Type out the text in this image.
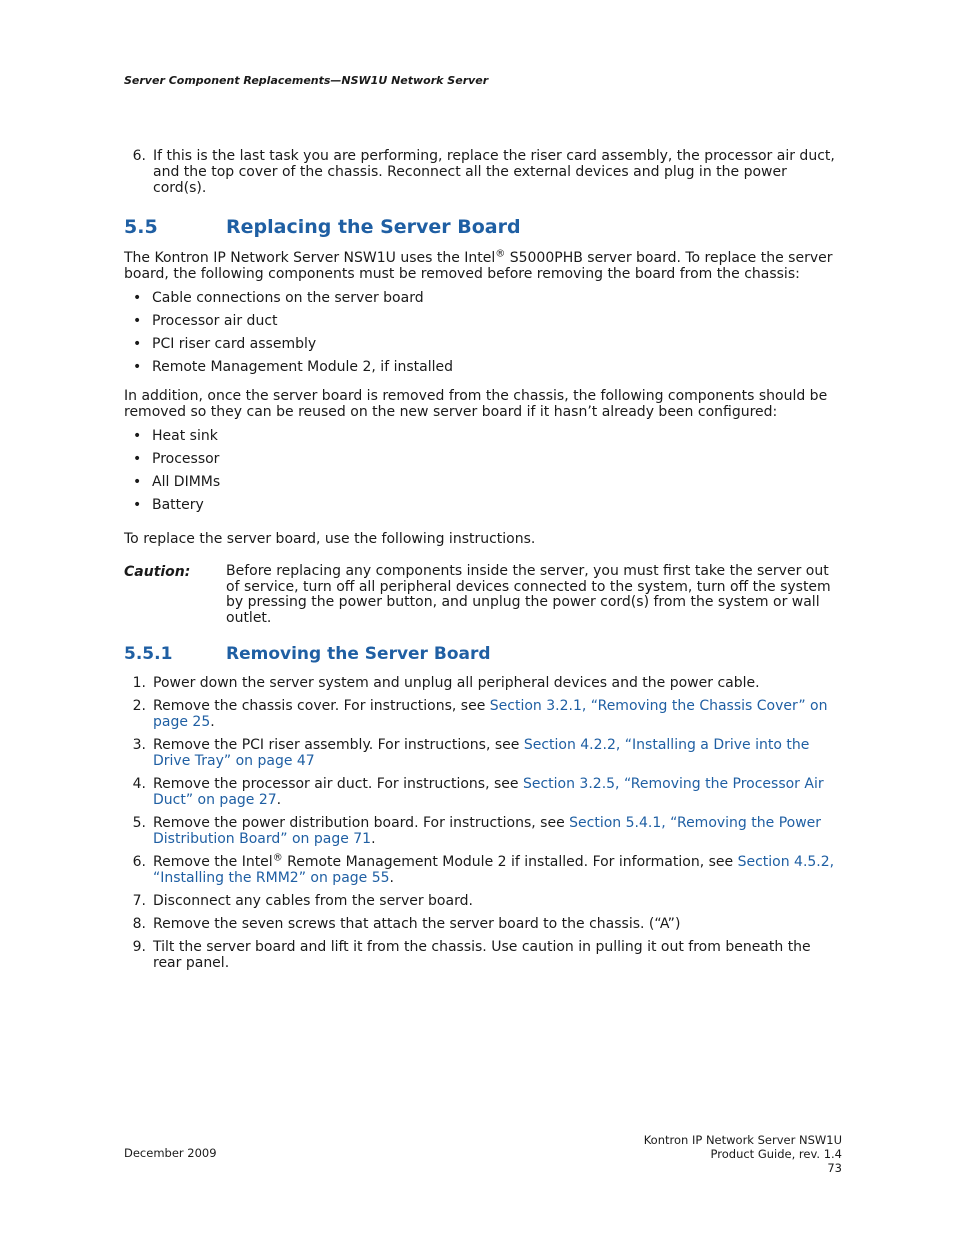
Server Component Replacements—NSW1U Network Server
6. If this is the last task you are performing, replace the riser card assembly, the processor air duct, and the top cover of the chassis. Reconnect all the external devices and plug in the power cord(s).
5.5	Replacing the Server Board

The Kontron IP Network Server NSW1U uses the Intel® S5000PHB server board. To replace the server board, the following components must be removed before removing the board from the chassis:

• Cable connections on the server board
• Processor air duct
• PCI riser card assembly
• Remote Management Module 2, if installed

In addition, once the server board is removed from the chassis, the following components should be removed so they can be reused on the new server board if it hasn’t already been configured:

• Heat sink
• Processor
• All DIMMs
• Battery

To replace the server board, use the following instructions.

Caution:	Before replacing any components inside the server, you must first take the server out of service, turn off all peripheral devices connected to the system, turn off the system by pressing the power button, and unplug the power cord(s) from the system or wall outlet.
5.5.1	Removing the Server Board
1. Power down the server system and unplug all peripheral devices and the power cable.
2. Remove the chassis cover. For instructions, see Section 3.2.1, “Removing the Chassis Cover” on page 25.
3. Remove the PCI riser assembly. For instructions, see Section 4.2.2, “Installing a Drive into the Drive Tray” on page 47
4. Remove the processor air duct. For instructions, see Section 3.2.5, “Removing the Processor Air Duct” on page 27.
5. Remove the power distribution board. For instructions, see Section 5.4.1, “Removing the Power Distribution Board” on page 71.
6. Remove the Intel® Remote Management Module 2 if installed. For information, see Section 4.5.2, “Installing the RMM2” on page 55.
7. Disconnect any cables from the server board.
8. Remove the seven screws that attach the server board to the chassis. (“A”)
9. Tilt the server board and lift it from the chassis. Use caution in pulling it out from beneath the rear panel.
December 2009
Kontron IP Network Server NSW1U
Product Guide, rev. 1.4
73
